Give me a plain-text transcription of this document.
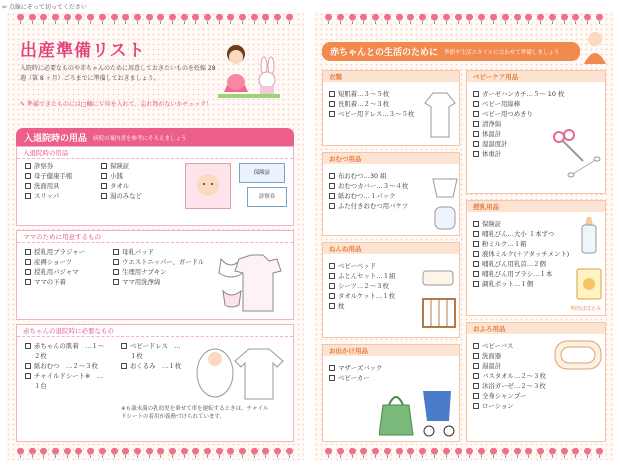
✂ 点線にそって切ってください
出産準備リスト
入院時に必要なものや赤ちゃんのために用意しておきたいものを妊娠 28 週（第 8 ヶ月）ごろまでに準備しておきましょう。
✎ 準備できたものには□欄にＶ印を入れて、忘れ物がないかチェック！
入退院時の用品 病院の案内書を参考にそろえましょう
入退院時の用品
診察券
母子健康手帳
洗面用具
スリッパ
保険証
小銭
タオル
湯のみなど
保険証
診察券
ママのために用意するもの
授乳用ブラジャー
産褥ショーツ
授乳用パジャマ
ママの下着
母乳パッド
ウエストニッパー、ガードル
生理用ナプキン
ママ用洗浄綿
赤ちゃんの退院時に必要なもの
赤ちゃんの肌着　…１～２枚
紙おむつ　…２～３枚
チャイルドシート※　…１台
ベビードレス　…１枚
おくるみ　…１枚
※６歳未満の乳幼児を乗せて車を運転するときは、チャイルドシートの着用が義務づけられています。
赤ちゃんとの生活のために 季節や生活スタイルに合わせて準備しましょう
衣類
短肌着…３～５枚
長肌着…２～３枚
ベビー用ドレス…３～５枚
おむつ用品
布おむつ…30 組
おむつカバー…３～４枚
紙おむつ…１パック
ふた付きおむつ用バケツ
ねんね用品
ベビーベッド
ふとんセット…１組
シーツ…２～３枚
タオルケット…１枚
枕
お出かけ用品
マザーズバック
ベビーカー
ベビーケア用品
ガーゼハンカチ…５～ 10 枚
ベビー用綿棒
ベビー用つめきり
清浄綿
体温計
湿温度計
体重計
授乳用品
保険証
哺乳びん…大小 １本ずつ
粉ミルク…１箱
液体ミルク(＋アタッチメント)
哺乳びん用乳首…２個
哺乳びん用ブラシ…１本
調乳ポット…１個
明治ほほえみ
おふろ用品
ベビーバス
洗面器
湯温計
バスタオル…２～３枚
沐浴ガーゼ…２～３枚
全身シャンプー
ローション
